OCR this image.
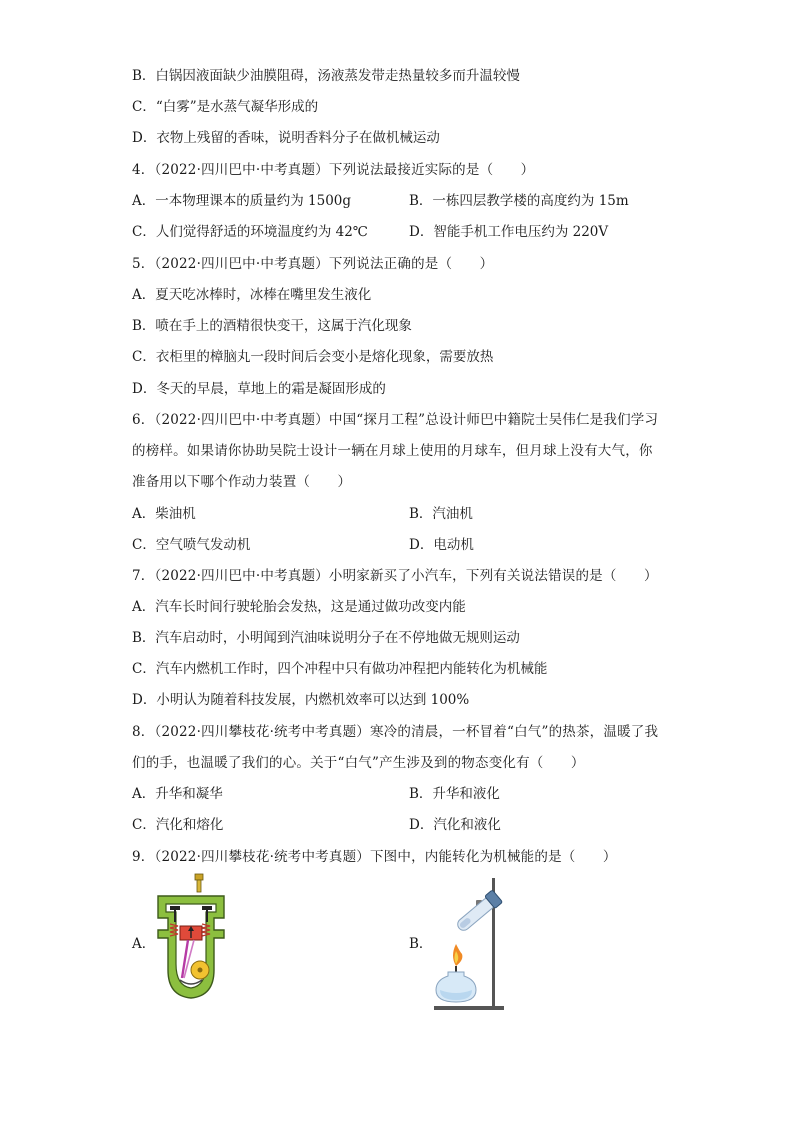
B．白锅因液面缺少油膜阻碍，汤液蒸发带走热量较多而升温较慢
C．“白雾”是水蒸气凝华形成的
D．衣物上残留的香味，说明香料分子在做机械运动
4．（2022·四川巴中·中考真题）下列说法最接近实际的是（　　）
A．一本物理课本的质量约为 1500g	B．一栋四层教学楼的高度约为 15m
C．人们觉得舒适的环境温度约为 42℃	D．智能手机工作电压约为 220V
5．（2022·四川巴中·中考真题）下列说法正确的是（　　）
A．夏天吃冰棒时，冰棒在嘴里发生液化
B．喷在手上的酒精很快变干，这属于汽化现象
C．衣柜里的樟脑丸一段时间后会变小是熔化现象，需要放热
D．冬天的早晨，草地上的霜是凝固形成的
6．（2022·四川巴中·中考真题）中国“探月工程”总设计师巴中籍院士吴伟仁是我们学习
的榜样。如果请你协助吴院士设计一辆在月球上使用的月球车，但月球上没有大气，你
准备用以下哪个作动力装置（　　）
A．柴油机	B．汽油机
C．空气喷气发动机	D．电动机
7．（2022·四川巴中·中考真题）小明家新买了小汽车，下列有关说法错误的是（　　）
A．汽车长时间行驶轮胎会发热，这是通过做功改变内能
B．汽车启动时，小明闻到汽油味说明分子在不停地做无规则运动
C．汽车内燃机工作时，四个冲程中只有做功冲程把内能转化为机械能
D．小明认为随着科技发展，内燃机效率可以达到 100%
8．（2022·四川攀枝花·统考中考真题）寒冷的清晨，一杯冒着“白气”的热茶，温暖了我
们的手，也温暖了我们的心。关于“白气”产生涉及到的物态变化有（　　）
A．升华和凝华	B．升华和液化
C．汽化和熔化	D．汽化和液化
9．（2022·四川攀枝花·统考中考真题）下图中，内能转化为机械能的是（　　）
A．	B．
